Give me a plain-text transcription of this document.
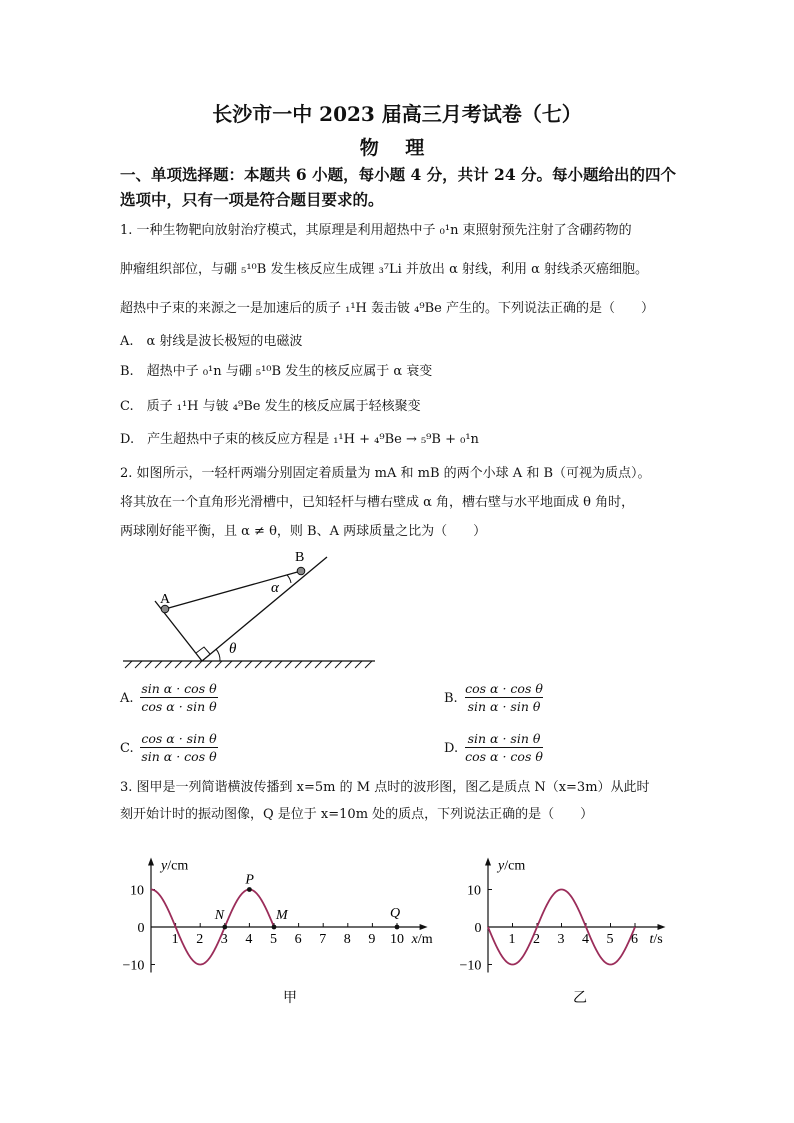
长沙市一中 2023 届高三月考试卷（七）
物 理
一、单项选择题：本题共 6 小题，每小题 4 分，共计 24 分。每小题给出的四个选项中，只有一项是符合题目要求的。
1. 一种生物靶向放射治疗模式，其原理是利用超热中子 ₀¹n 束照射预先注射了含硼药物的
肿瘤组织部位，与硼 ₅¹⁰B 发生核反应生成锂 ₃⁷Li 并放出 α 射线，利用 α 射线杀灭癌细胞。
超热中子束的来源之一是加速后的质子 ₁¹H 轰击铍 ₄⁹Be 产生的。下列说法正确的是（　　）
A.　α 射线是波长极短的电磁波
B.　超热中子 ₀¹n 与硼 ₅¹⁰B 发生的核反应属于 α 衰变
C.　质子 ₁¹H 与铍 ₄⁹Be 发生的核反应属于轻核聚变
D.　产生超热中子束的核反应方程是 ₁¹H + ₄⁹Be → ₅⁹B + ₀¹n
2. 如图所示，一轻杆两端分别固定着质量为 mA 和 mB 的两个小球 A 和 B（可视为质点）。
将其放在一个直角形光滑槽中，已知轻杆与槽右壁成 α 角，槽右壁与水平地面成 θ 角时，
两球刚好能平衡，且 α ≠ θ，则 B、A 两球质量之比为（　　）
A
B
α
θ
A. $\frac{\text{sin α · cos θ}}{\text{cos α · sin θ}}$	B. $\frac{\text{cos α · cos θ}}{\text{sin α · sin θ}}$
C. $\frac{\text{cos α · sin θ}}{\text{sin α · cos θ}}$	D. $\frac{\text{sin α · sin θ}}{\text{cos α · cos θ}}$
3. 图甲是一列简谐横波传播到 x=5m 的 M 点时的波形图，图乙是质点 N（x=3m）从此时
刻开始计时的振动图像，Q 是位于 x=10m 处的质点，下列说法正确的是（　　）
x/m
y/cm
1 2 3 4 5 6 7 8 9 10
10
0
−10
P
N	M	Q
甲
t/s
y/cm
1 2 3 4 5 6
10
0
−10
乙
